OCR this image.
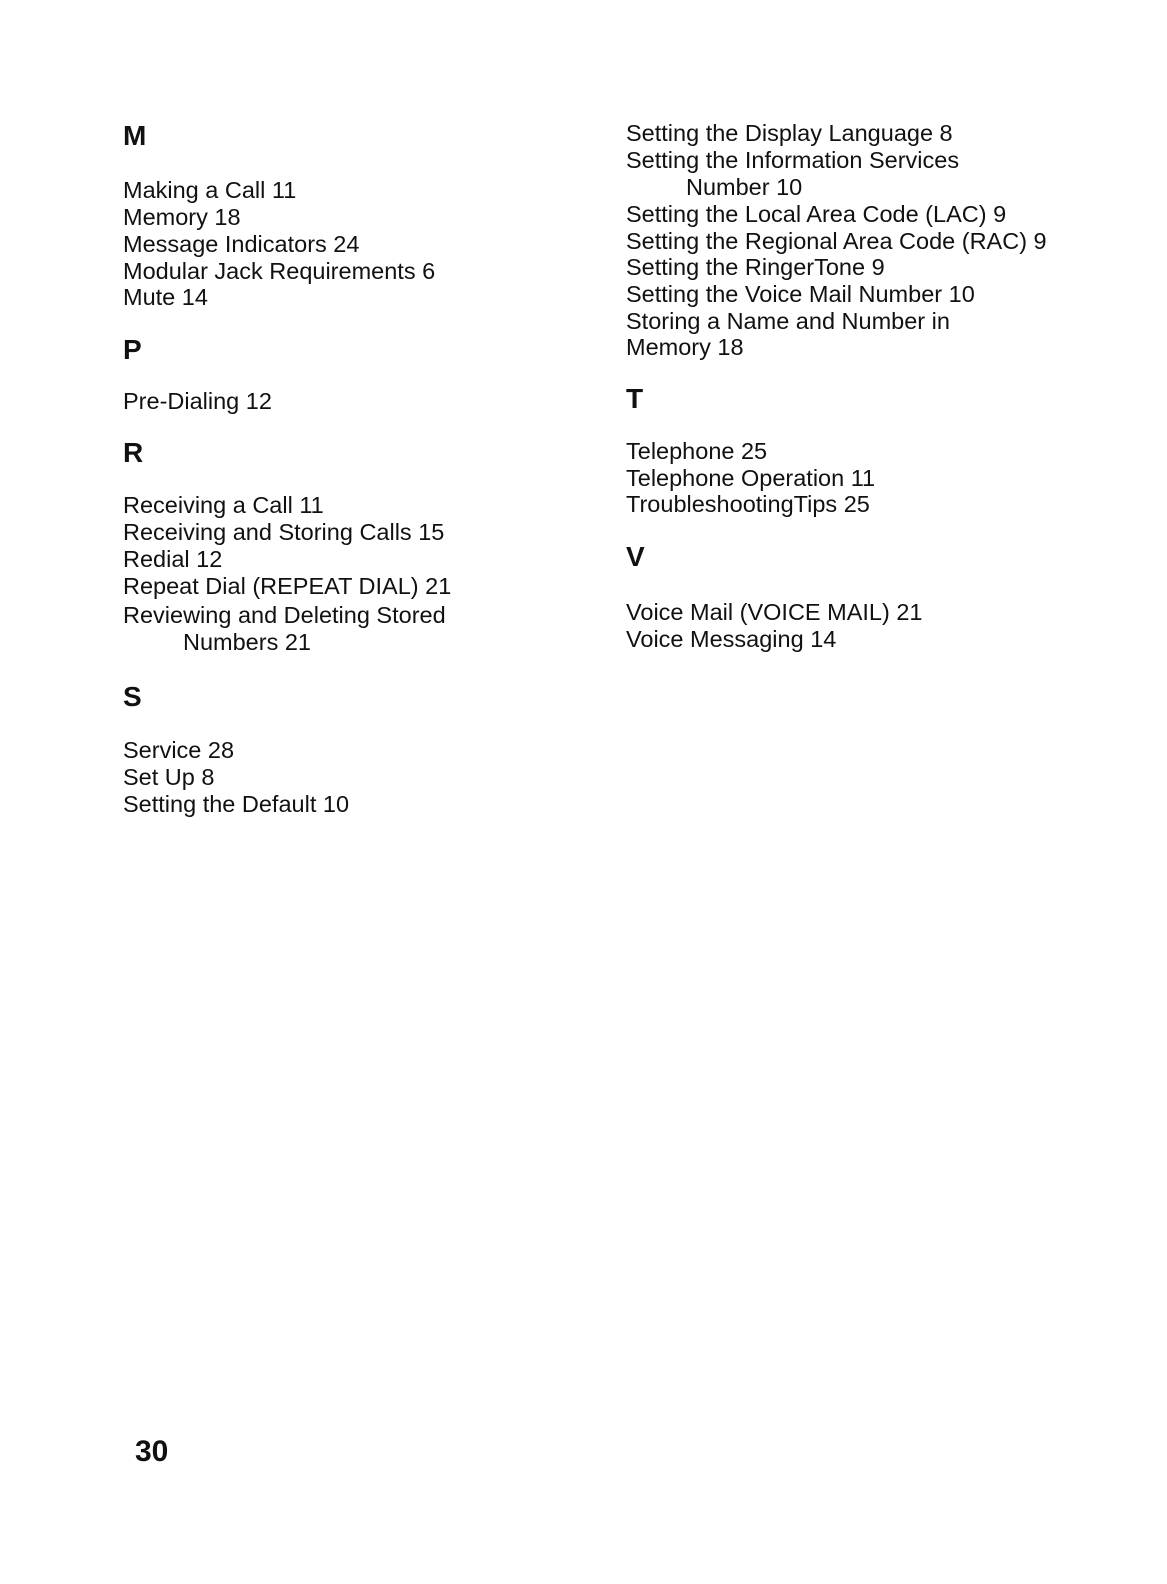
M
Making a Call 11
Memory 18
Message Indicators 24
Modular Jack Requirements 6
Mute 14
P
Pre-Dialing 12
R
Receiving a Call 11
Receiving and Storing Calls 15
Redial 12
Repeat Dial (REPEAT DIAL) 21
Reviewing and Deleting Stored
Numbers 21
S
Service 28
Set Up 8
Setting the Default 10
Setting the Display Language 8
Setting the Information Services
Number 10
Setting the Local Area Code (LAC) 9
Setting the Regional Area Code (RAC) 9
Setting the RingerTone 9
Setting the Voice Mail Number 10
Storing a Name and Number in
Memory 18
T
Telephone 25
Telephone Operation 11
TroubleshootingTips 25
V
Voice Mail (VOICE MAIL) 21
Voice Messaging 14
30
